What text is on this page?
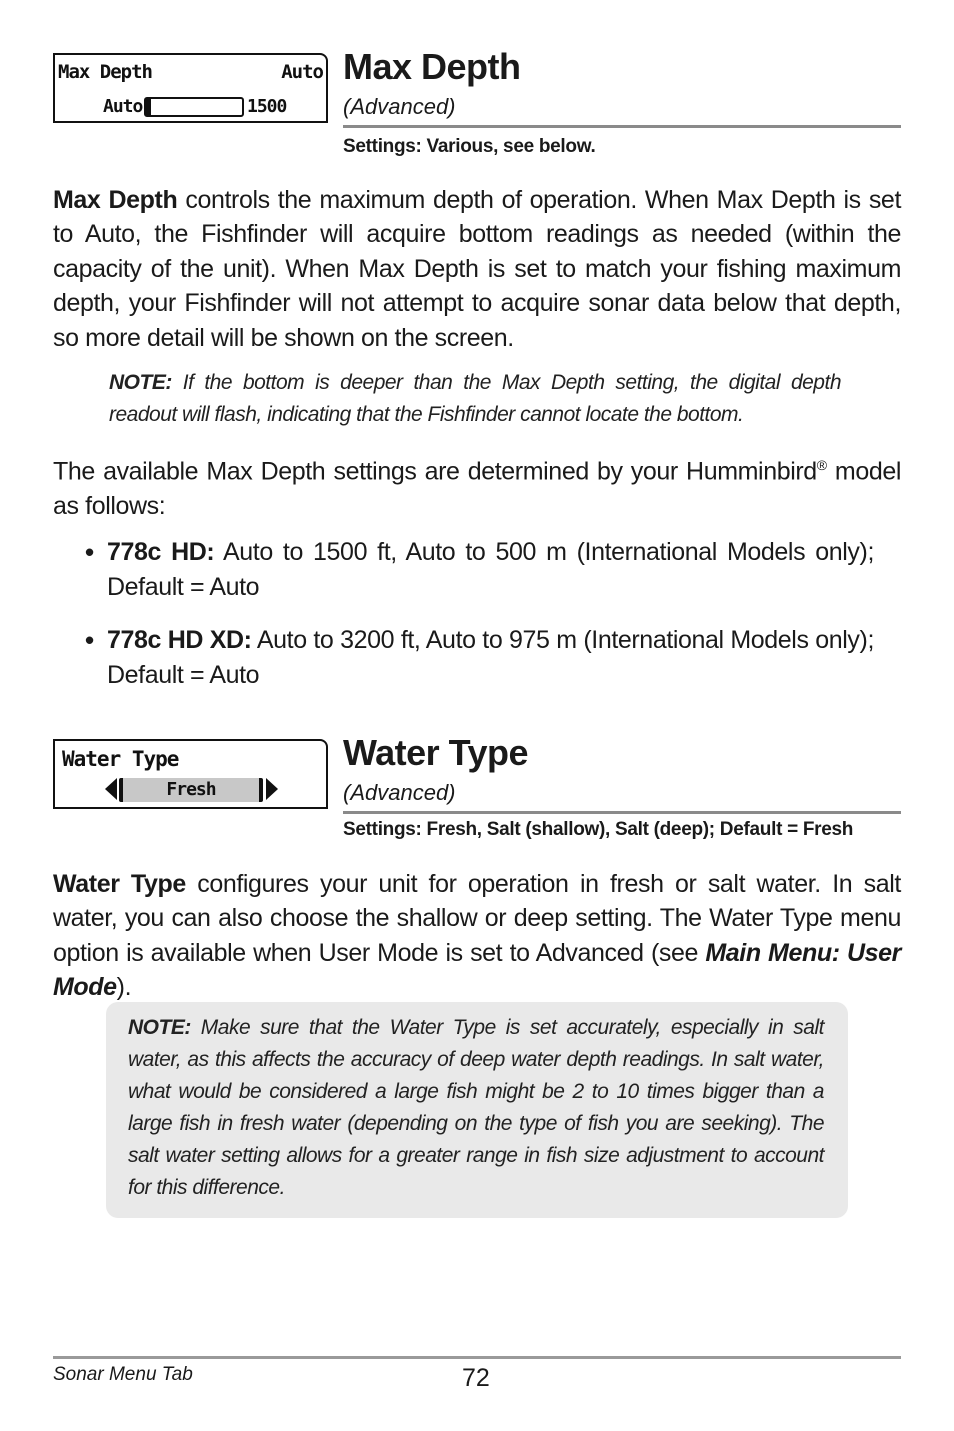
Max Depth	Auto
Auto	1500
Max Depth
(Advanced)
Settings: Various, see below.
Max Depth controls the maximum depth of operation. When Max Depth is set to Auto, the Fishfinder will acquire bottom readings as needed (within the capacity of the unit). When Max Depth is set to match your fishing maximum depth, your Fishfinder will not attempt to acquire sonar data below that depth, so more detail will be shown on the screen.
NOTE: If the bottom is deeper than the Max Depth setting, the digital depth readout will flash, indicating that the Fishfinder cannot locate the bottom.
The available Max Depth settings are determined by your Humminbird® model as follows:
• 778c HD: Auto to 1500 ft, Auto to 500 m (International Models only); Default = Auto
• 778c HD XD: Auto to 3200 ft, Auto to 975 m (International Models only); Default = Auto
Water Type
Fresh
Water Type
(Advanced)
Settings: Fresh, Salt (shallow), Salt (deep); Default = Fresh
Water Type configures your unit for operation in fresh or salt water. In salt water, you can also choose the shallow or deep setting. The Water Type menu option is available when User Mode is set to Advanced (see Main Menu: User Mode).
NOTE: Make sure that the Water Type is set accurately, especially in salt water, as this affects the accuracy of deep water depth readings. In salt water, what would be considered a large fish might be 2 to 10 times bigger than a large fish in fresh water (depending on the type of fish you are seeking). The salt water setting allows for a greater range in fish size adjustment to account for this difference.
Sonar Menu Tab	72
